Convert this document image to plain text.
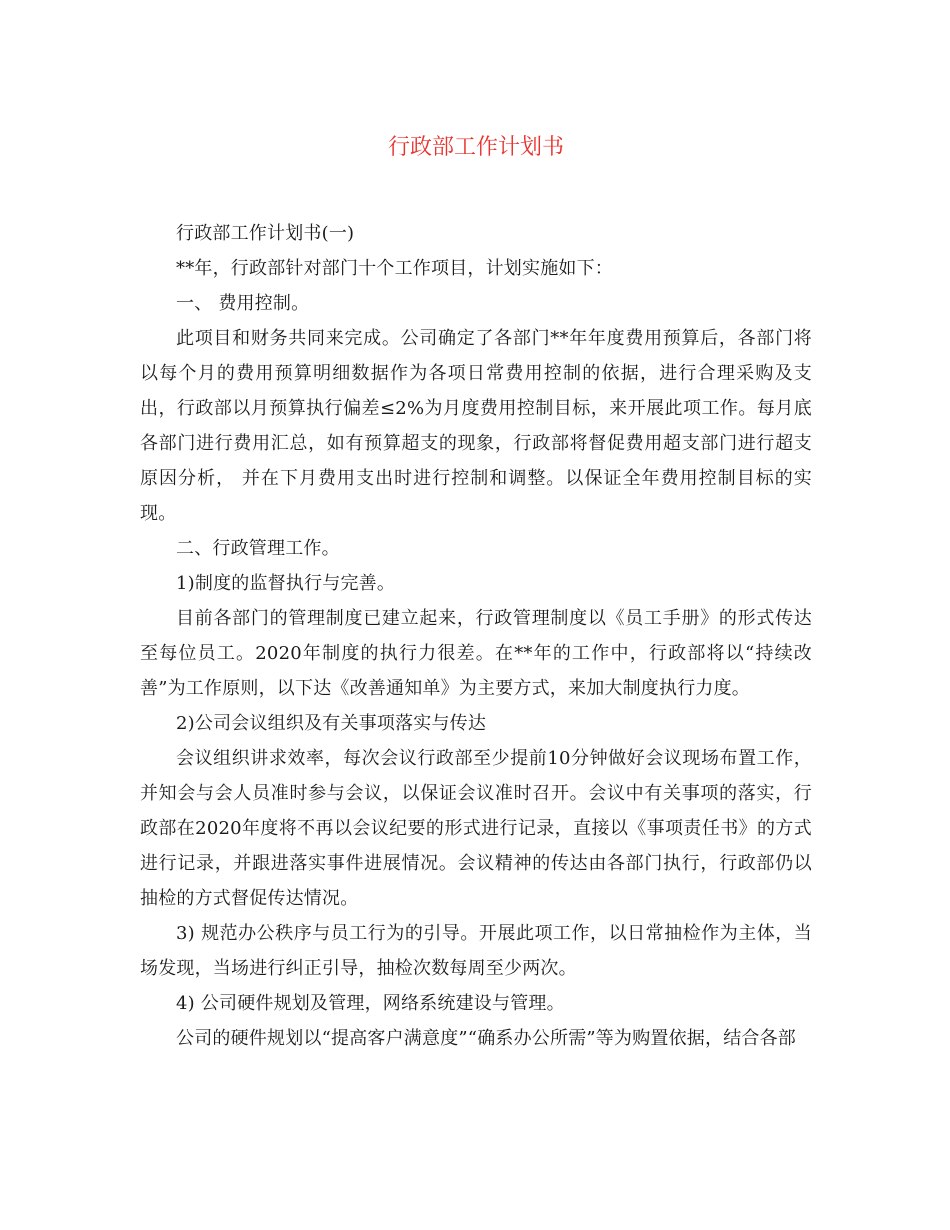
行政部工作计划书

行政部工作计划书(一)

**年，行政部针对部门十个工作项目，计划实施如下：

一、 费用控制。

此项目和财务共同来完成。公司确定了各部门**年年度费用预算后，各部门将以每个月的费用预算明细数据作为各项日常费用控制的依据，进行合理采购及支出，行政部以月预算执行偏差≤2%为月度费用控制目标，来开展此项工作。每月底各部门进行费用汇总，如有预算超支的现象，行政部将督促费用超支部门进行超支原因分析， 并在下月费用支出时进行控制和调整。以保证全年费用控制目标的实现。

二、行政管理工作。

1)制度的监督执行与完善。

目前各部门的管理制度已建立起来，行政管理制度以《员工手册》的形式传达至每位员工。2020年制度的执行力很差。在**年的工作中，行政部将以“持续改善”为工作原则，以下达《改善通知单》为主要方式，来加大制度执行力度。

2)公司会议组织及有关事项落实与传达

会议组织讲求效率，每次会议行政部至少提前10分钟做好会议现场布置工作，并知会与会人员准时参与会议，以保证会议准时召开。会议中有关事项的落实，行政部在2020年度将不再以会议纪要的形式进行记录，直接以《事项责任书》的方式进行记录，并跟进落实事件进展情况。会议精神的传达由各部门执行，行政部仍以抽检的方式督促传达情况。

3) 规范办公秩序与员工行为的引导。开展此项工作，以日常抽检作为主体，当场发现，当场进行纠正引导，抽检次数每周至少两次。

4) 公司硬件规划及管理，网络系统建设与管理。

公司的硬件规划以“提高客户满意度”“确系办公所需”等为购置依据，结合各部
